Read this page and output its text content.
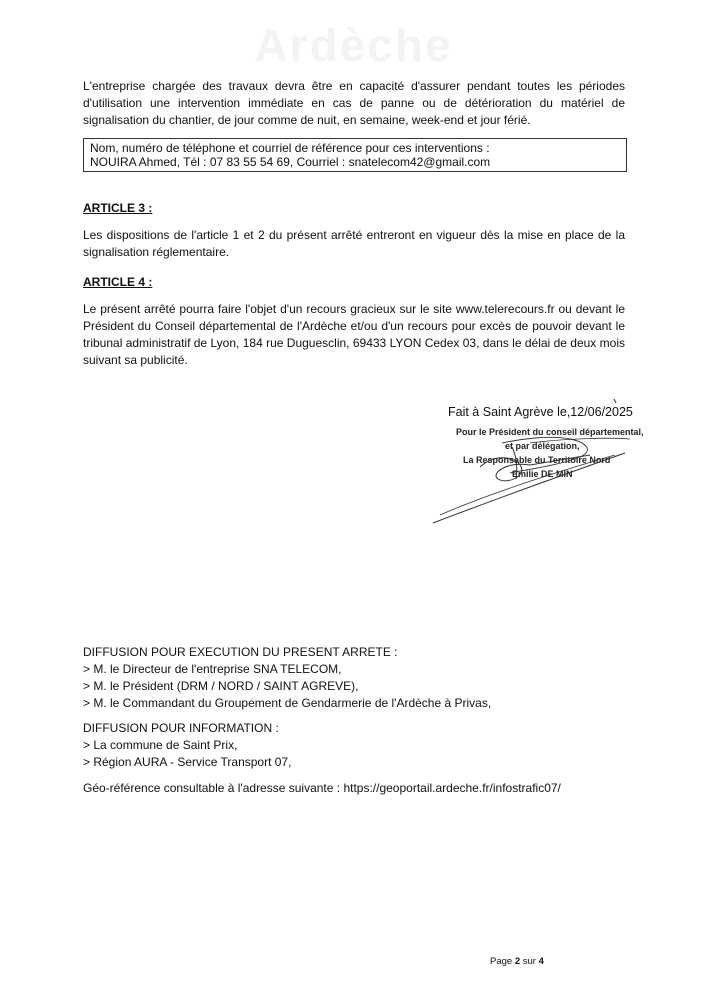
Ardèche

L'entreprise chargée des travaux devra être en capacité d'assurer pendant toutes les périodes d'utilisation une intervention immédiate en cas de panne ou de détérioration du matériel de signalisation du chantier, de jour comme de nuit, en semaine, week-end et jour férié.

Nom, numéro de téléphone et courriel de référence pour ces interventions :
NOUIRA Ahmed, Tél : 07 83 55 54 69, Courriel : snatelecom42@gmail.com
ARTICLE 3 :

Les dispositions de l'article 1 et 2 du présent arrêté entreront en vigueur dès la mise en place de la signalisation réglementaire.

ARTICLE 4 :

Le présent arrêté pourra faire l'objet d'un recours gracieux sur le site www.telerecours.fr ou devant le Président du Conseil départemental de l'Ardèche et/ou d'un recours pour excès de pouvoir devant le tribunal administratif de Lyon, 184 rue Duguesclin, 69433 LYON Cedex 03, dans le délai de deux mois suivant sa publicité.

Fait à Saint Agrève le,12/06/2025
Pour le Président du conseil départemental,
et par délégation,
La Responsable du Territoire Nord
Emilie DE MIN
DIFFUSION POUR EXECUTION DU PRESENT ARRETE :
> M. le Directeur de l'entreprise SNA TELECOM,
> M. le Président (DRM / NORD / SAINT AGREVE),
> M. le Commandant du Groupement de Gendarmerie de l'Ardèche à Privas,
DIFFUSION POUR INFORMATION :
> La commune de Saint Prix,
> Région AURA - Service Transport 07,
Géo-référence consultable à l'adresse suivante : https://geoportail.ardeche.fr/infostrafic07/
Page 2 sur 4
